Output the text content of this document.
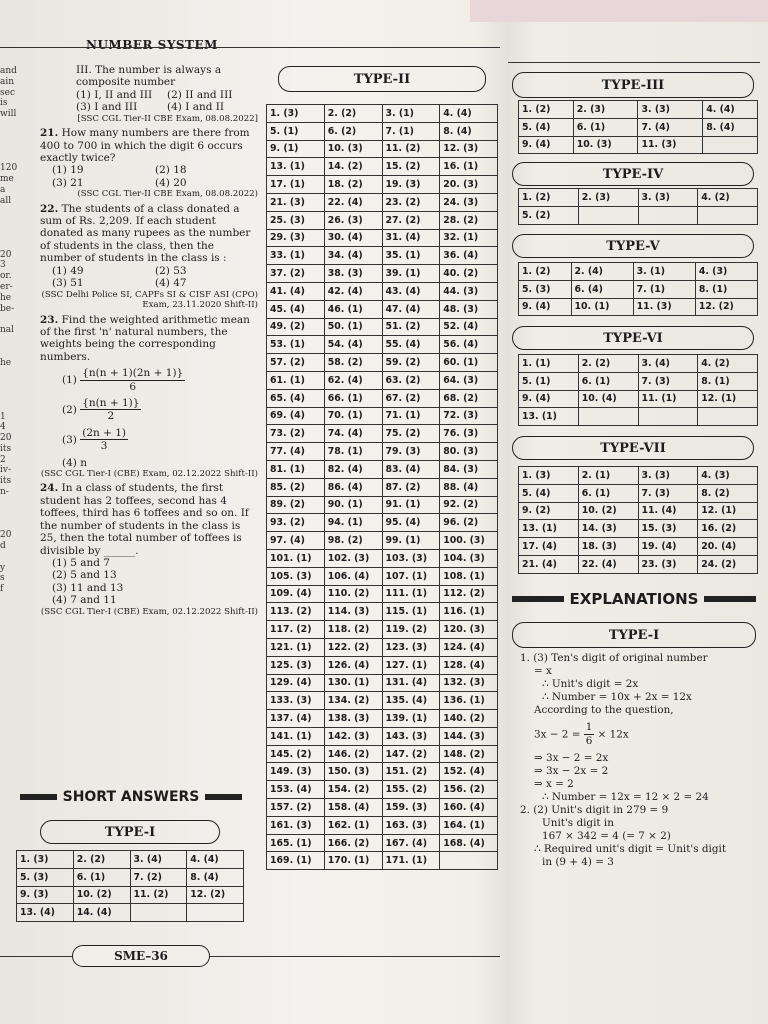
NUMBER SYSTEM
and
ain
sec
is
will

120
me
a
all

20
3
or.
er-
he
be-

nal

he

1
4
20
its
2
iv-
its
n-

20
d

y
s
f
III. The number is always a composite number
(1) I, II and III	(2) II and III
(3) I and III	(4) I and II
[SSC CGL Tier-II CBE Exam, 08.08.2022]
21. How many numbers are there from 400 to 700 in which the digit 6 occurs exactly twice?
(1) 19	(2) 18
(3) 21	(4) 20
(SSC CGL Tier-II CBE Exam, 08.08.2022)
22. The students of a class donated a sum of Rs. 2,209. If each student donated as many rupees as the number of students in the class, then the number of students in the class is :
(1) 49	(2) 53
(3) 51	(4) 47
(SSC Delhi Police SI, CAPFs SI & CISF ASI (CPO) Exam, 23.11.2020 Shift-II)
23. Find the weighted arithmetic mean of the first 'n' natural numbers, the weights being the corresponding numbers.
$(1) \frac{\{n(n + 1)(2n + 1)\}}{6}$
$(2) \frac{\{n(n + 1)\}}{2}$
$(3) \frac{(2n + 1)}{3}$
(4) n
(SSC CGL Tier-I (CBE) Exam, 02.12.2022 Shift-II)
24. In a class of students, the first student has 2 toffees, second has 4 toffees, third has 6 toffees and so on. If the number of students in the class is 25, then the total number of toffees is divisible by ______.
(1) 5 and 7
(2) 5 and 13
(3) 11 and 13
(4) 7 and 11
(SSC CGL Tier-I (CBE) Exam, 02.12.2022 Shift-II)
SHORT ANSWERS
TYPE-I
1. (3)	2. (2)	3. (4)	4. (4)
5. (3)	6. (1)	7. (2)	8. (4)
9. (3)	10. (2)	11. (2)	12. (2)
13. (4)	14. (4)		
TYPE-II
1. (3)	2. (2)	3. (1)	4. (4)
5. (1)	6. (2)	7. (1)	8. (4)
9. (1)	10. (3)	11. (2)	12. (3)
13. (1)	14. (2)	15. (2)	16. (1)
17. (1)	18. (2)	19. (3)	20. (3)
21. (3)	22. (4)	23. (2)	24. (3)
25. (3)	26. (3)	27. (2)	28. (2)
29. (3)	30. (4)	31. (4)	32. (1)
33. (1)	34. (4)	35. (1)	36. (4)
37. (2)	38. (3)	39. (1)	40. (2)
41. (4)	42. (4)	43. (4)	44. (3)
45. (4)	46. (1)	47. (4)	48. (3)
49. (2)	50. (1)	51. (2)	52. (4)
53. (1)	54. (4)	55. (4)	56. (4)
57. (2)	58. (2)	59. (2)	60. (1)
61. (1)	62. (4)	63. (2)	64. (3)
65. (4)	66. (1)	67. (2)	68. (2)
69. (4)	70. (1)	71. (1)	72. (3)
73. (2)	74. (4)	75. (2)	76. (3)
77. (4)	78. (1)	79. (3)	80. (3)
81. (1)	82. (4)	83. (4)	84. (3)
85. (2)	86. (4)	87. (2)	88. (4)
89. (2)	90. (1)	91. (1)	92. (2)
93. (2)	94. (1)	95. (4)	96. (2)
97. (4)	98. (2)	99. (1)	100. (3)
101. (1)	102. (3)	103. (3)	104. (3)
105. (3)	106. (4)	107. (1)	108. (1)
109. (4)	110. (2)	111. (1)	112. (2)
113. (2)	114. (3)	115. (1)	116. (1)
117. (2)	118. (2)	119. (2)	120. (3)
121. (1)	122. (2)	123. (3)	124. (4)
125. (3)	126. (4)	127. (1)	128. (4)
129. (4)	130. (1)	131. (4)	132. (3)
133. (3)	134. (2)	135. (4)	136. (1)
137. (4)	138. (3)	139. (1)	140. (2)
141. (1)	142. (3)	143. (3)	144. (3)
145. (2)	146. (2)	147. (2)	148. (2)
149. (3)	150. (3)	151. (2)	152. (4)
153. (4)	154. (2)	155. (2)	156. (2)
157. (2)	158. (4)	159. (3)	160. (4)
161. (3)	162. (1)	163. (3)	164. (1)
165. (1)	166. (2)	167. (4)	168. (4)
169. (1)	170. (1)	171. (1)	
TYPE-III
1. (2)	2. (3)	3. (3)	4. (4)
5. (4)	6. (1)	7. (4)	8. (4)
9. (4)	10. (3)	11. (3)	
TYPE-IV
1. (2)	2. (3)	3. (3)	4. (2)
5. (2)			
TYPE-V
1. (2)	2. (4)	3. (1)	4. (3)
5. (3)	6. (4)	7. (1)	8. (1)
9. (4)	10. (1)	11. (3)	12. (2)
TYPE-VI
1. (1)	2. (2)	3. (4)	4. (2)
5. (1)	6. (1)	7. (3)	8. (1)
9. (4)	10. (4)	11. (1)	12. (1)
13. (1)			
TYPE-VII
1. (3)	2. (1)	3. (3)	4. (3)
5. (4)	6. (1)	7. (3)	8. (2)
9. (2)	10. (2)	11. (4)	12. (1)
13. (1)	14. (3)	15. (3)	16. (2)
17. (4)	18. (3)	19. (4)	20. (4)
21. (4)	22. (4)	23. (3)	24. (2)
EXPLANATIONS
TYPE-I
1. (3) Ten's digit of original number
= x
∴ Unit's digit = 2x
∴ Number = 10x + 2x = 12x
According to the question,
$3x - 2 = \frac{1}{6} \times 12x$
⇒ 3x − 2 = 2x
⇒ 3x − 2x = 2
⇒ x = 2
∴ Number = 12x = 12 × 2 = 24
2. (2) Unit's digit in 279 = 9
Unit's digit in
167 × 342 = 4 (= 7 × 2)
∴ Required unit's digit = Unit's digit
in (9 + 4) = 3
SME–36
